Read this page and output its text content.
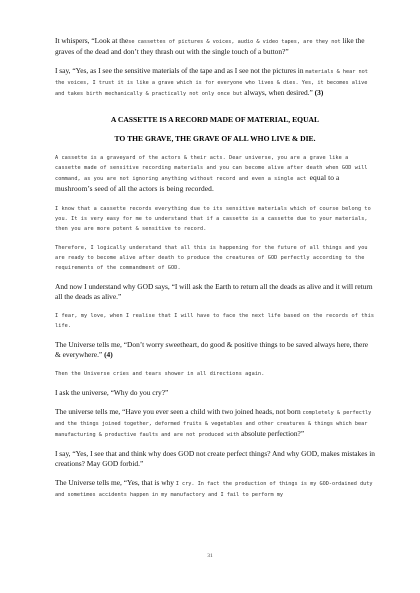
It whispers, “Look at these cassettes of pictures & voices, audio & video tapes, are they not like the graves of the dead and don’t they thrash out with the single touch of a button?”

I say, “Yes, as I see the sensitive materials of the tape and as I see not the pictures in materials & hear not the voices, I trust it is like a grave which is for everyone who lives & dies. Yes, it becomes alive and takes birth mechanically & practically not only once but always, when desired.” (3)

A CASSETTE IS A RECORD MADE OF MATERIAL, EQUAL

TO THE GRAVE, THE GRAVE OF ALL WHO LIVE & DIE.

A cassette is a graveyard of the actors & their acts. Dear universe, you are a grave like a cassette made of sensitive recording materials and you can become alive after death when GOD will command, as you are not ignoring anything without record and even a single act equal to a mushroom’s seed of all the actors is being recorded.

I know that a cassette records everything due to its sensitive materials which of course belong to you. It is very easy for me to understand that if a cassette is a cassette due to your materials, then you are more potent & sensitive to record.

Therefore, I logically understand that all this is happening for the future of all things and you are ready to become alive after death to produce the creatures of GOD perfectly according to the requirements of the commandment of GOD.

And now I understand why GOD says, “I will ask the Earth to return all the deads as alive and it will return all the deads as alive.”

I fear, my love, when I realise that I will have to face the next life based on the records of this life.

The Universe tells me, “Don’t worry sweetheart, do good & positive things to be saved always here, there & everywhere.” (4)

Then the Universe cries and tears shower in all directions again.

I ask the universe, “Why do you cry?”

The universe tells me, “Have you ever seen a child with two joined heads, not born completely & perfectly and the things joined together, deformed fruits & vegetables and other creatures & things which bear manufacturing & productive faults and are not produced with absolute perfection?”

I say, “Yes, I see that and think why does GOD not create perfect things? And why GOD, makes mistakes in creations? May GOD forbid.”

The Universe tells me, “Yes, that is why I cry. In fact the production of things is my GOD-ordained duty and sometimes accidents happen in my manufactory and I fail to perform my

31
